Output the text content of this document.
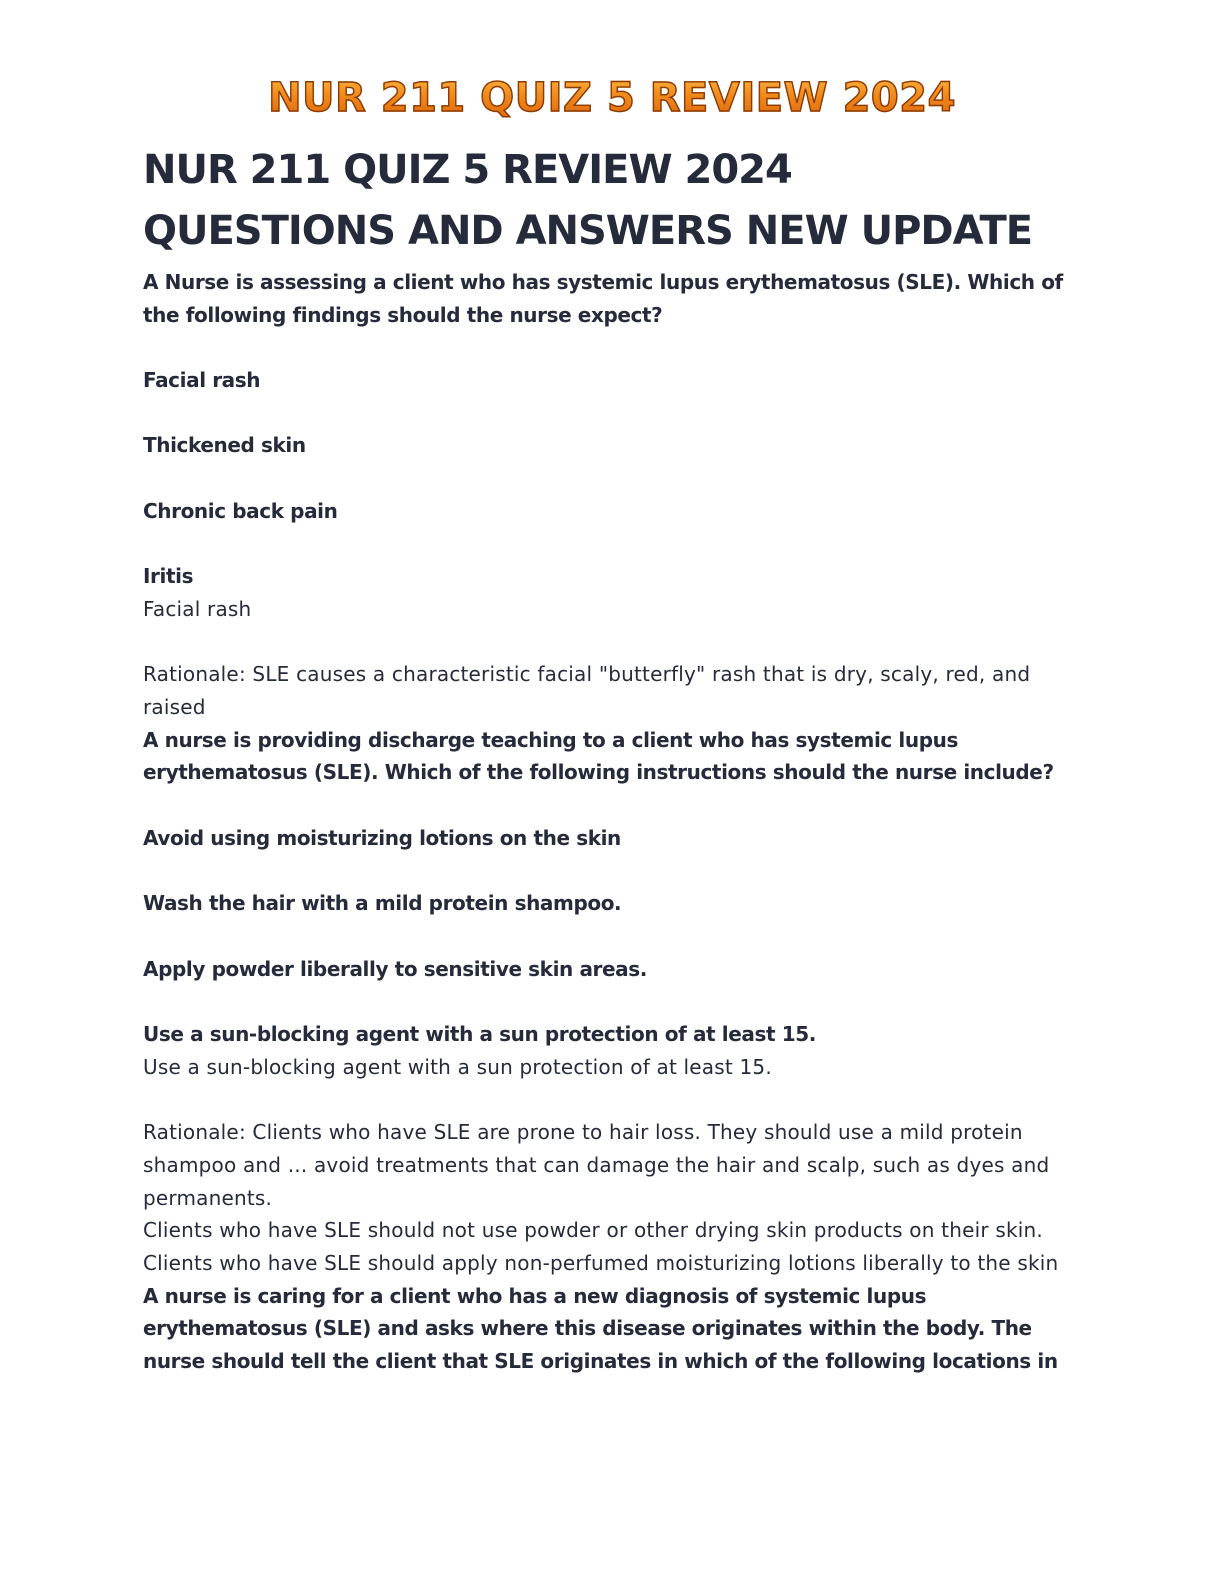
NUR 211 QUIZ 5 REVIEW 2024
NUR 211 QUIZ 5 REVIEW 2024
QUESTIONS AND ANSWERS NEW UPDATE

A Nurse is assessing a client who has systemic lupus erythematosus (SLE). Which of the following findings should the nurse expect?

Facial rash

Thickened skin

Chronic back pain

Iritis

Facial rash

Rationale: SLE causes a characteristic facial "butterfly" rash that is dry, scaly, red, and raised

A nurse is providing discharge teaching to a client who has systemic lupus erythematosus (SLE). Which of the following instructions should the nurse include?

Avoid using moisturizing lotions on the skin

Wash the hair with a mild protein shampoo.

Apply powder liberally to sensitive skin areas.

Use a sun-blocking agent with a sun protection of at least 15.

Use a sun-blocking agent with a sun protection of at least 15.

Rationale: Clients who have SLE are prone to hair loss. They should use a mild protein shampoo and ... avoid treatments that can damage the hair and scalp, such as dyes and permanents.

Clients who have SLE should not use powder or other drying skin products on their skin. Clients who have SLE should apply non-perfumed moisturizing lotions liberally to the skin

A nurse is caring for a client who has a new diagnosis of systemic lupus erythematosus (SLE) and asks where this disease originates within the body. The nurse should tell the client that SLE originates in which of the following locations in
